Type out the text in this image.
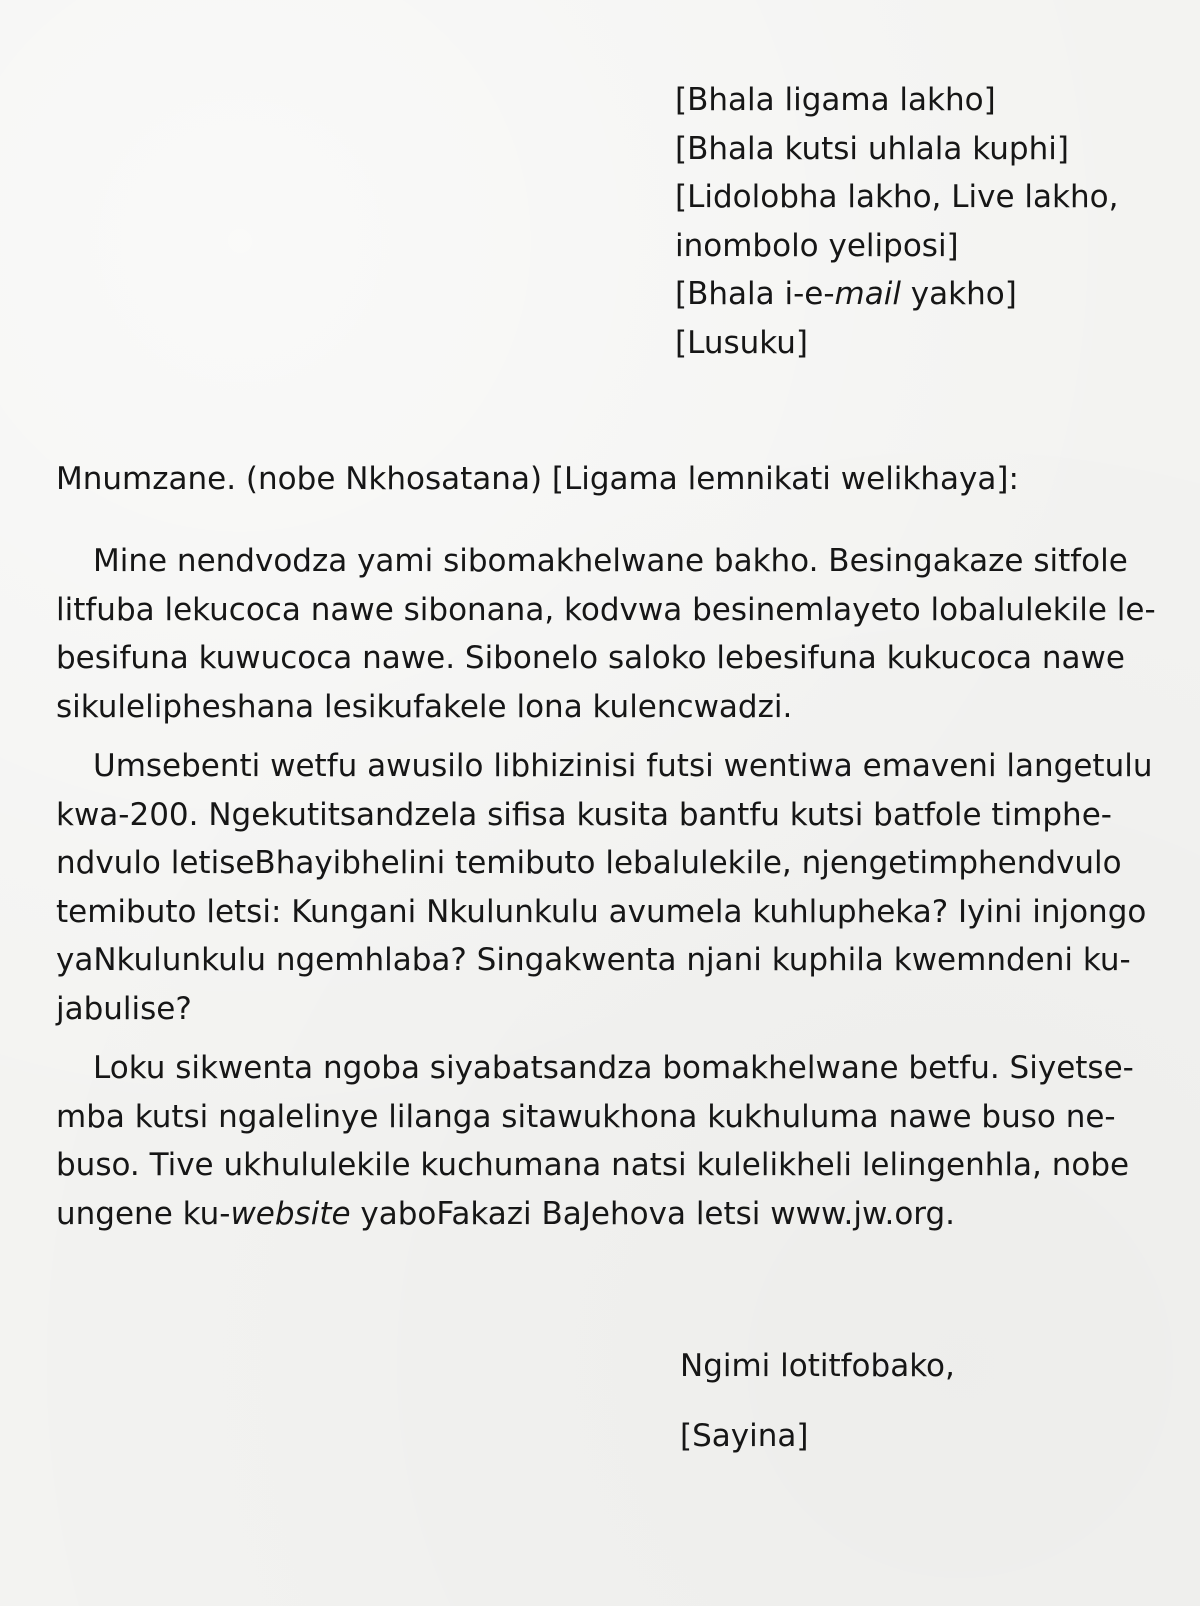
[Bhala ligama lakho]
[Bhala kutsi uhlala kuphi]
[Lidolobha lakho, Live lakho,
inombolo yeliposi]
[Bhala i-e-mail yakho]
[Lusuku]
Mnumzane. (nobe Nkhosatana) [Ligama lemnikati welikhaya]:

Mine nendvodza yami sibomakhelwane bakho. Besingakaze sitfole
litfuba lekucoca nawe sibonana, kodvwa besinemlayeto lobalulekile le-
besifuna kuwucoca nawe. Sibonelo saloko lebesifuna kukucoca nawe
sikulelipheshana lesikufakele lona kulencwadzi.

Umsebenti wetfu awusilo libhizinisi futsi wentiwa emaveni langetulu
kwa-200. Ngekutitsandzela sifisa kusita bantfu kutsi batfole timphe-
ndvulo letiseBhayibhelini temibuto lebalulekile, njengetimphendvulo
temibuto letsi: Kungani Nkulunkulu avumela kuhlupheka? Iyini injongo
yaNkulunkulu ngemhlaba? Singakwenta njani kuphila kwemndeni ku-
jabulise?

Loku sikwenta ngoba siyabatsandza bomakhelwane betfu. Siyetse-
mba kutsi ngalelinye lilanga sitawukhona kukhuluma nawe buso ne-
buso. Tive ukhululekile kuchumana natsi kulelikheli lelingenhla, nobe
ungene ku-website yaboFakazi BaJehova letsi www.jw.org.

Ngimi lotitfobako,
[Sayina]
